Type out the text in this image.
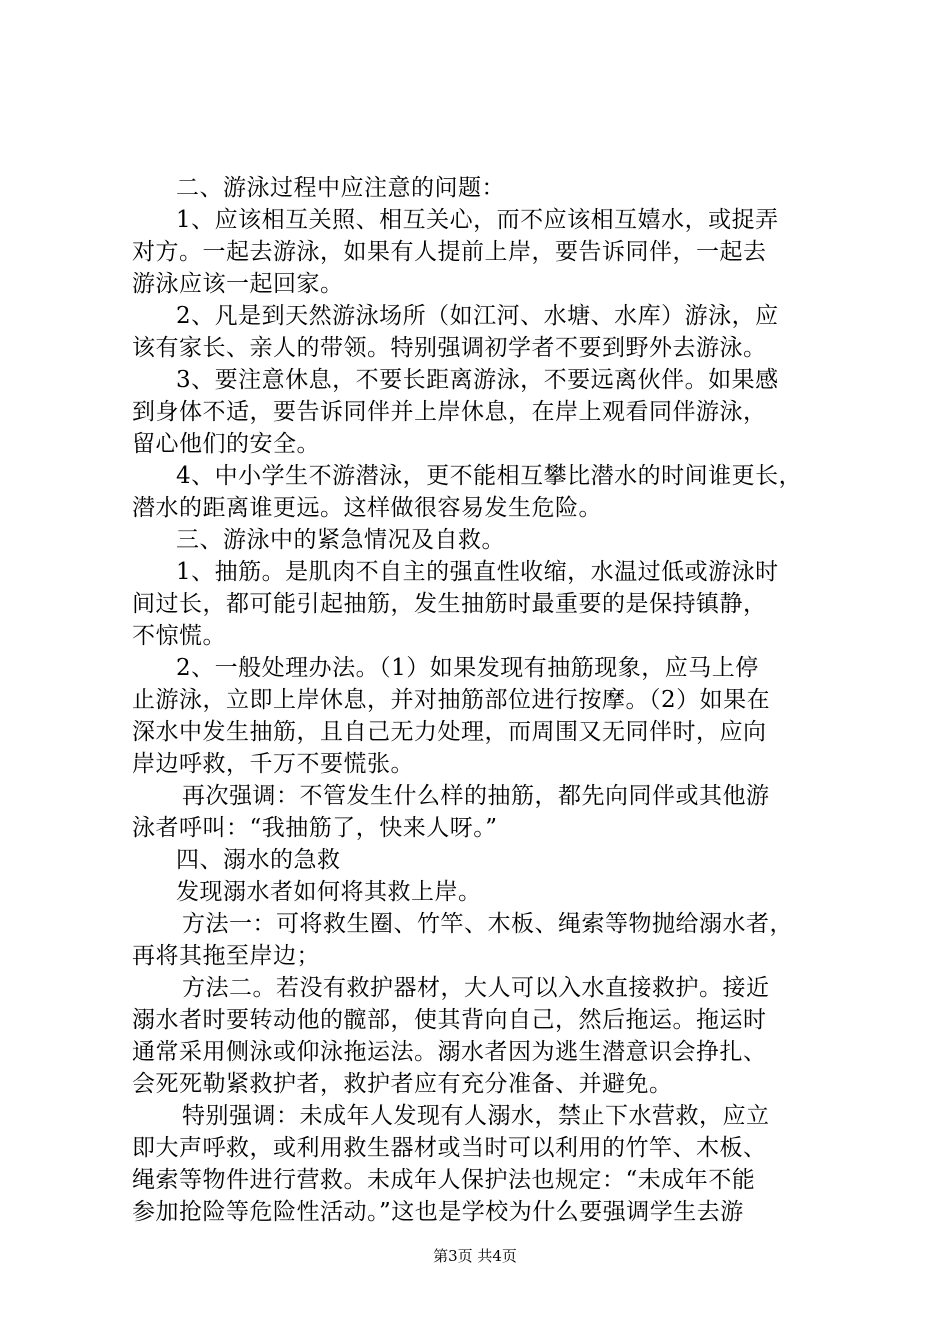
二、游泳过程中应注意的问题：
1、应该相互关照、相互关心，而不应该相互嬉水，或捉弄
对方。一起去游泳，如果有人提前上岸，要告诉同伴，一起去
游泳应该一起回家。
2、凡是到天然游泳场所（如江河、水塘、水库）游泳，应
该有家长、亲人的带领。特别强调初学者不要到野外去游泳。
3、要注意休息，不要长距离游泳，不要远离伙伴。如果感
到身体不适，要告诉同伴并上岸休息，在岸上观看同伴游泳，
留心他们的安全。
4、中小学生不游潜泳，更不能相互攀比潜水的时间谁更长，
潜水的距离谁更远。这样做很容易发生危险。
三、游泳中的紧急情况及自救。
1、抽筋。是肌肉不自主的强直性收缩，水温过低或游泳时
间过长，都可能引起抽筋，发生抽筋时最重要的是保持镇静，
不惊慌。
2、一般处理办法。（1）如果发现有抽筋现象，应马上停
止游泳，立即上岸休息，并对抽筋部位进行按摩。（2）如果在
深水中发生抽筋，且自己无力处理，而周围又无同伴时，应向
岸边呼救，千万不要慌张。
再次强调：不管发生什么样的抽筋，都先向同伴或其他游
泳者呼叫：“我抽筋了，快来人呀。”
四、溺水的急救
发现溺水者如何将其救上岸。
方法一：可将救生圈、竹竿、木板、绳索等物抛给溺水者，
再将其拖至岸边；
方法二。若没有救护器材，大人可以入水直接救护。接近
溺水者时要转动他的髋部，使其背向自己，然后拖运。拖运时
通常采用侧泳或仰泳拖运法。溺水者因为逃生潜意识会挣扎、
会死死勒紧救护者，救护者应有充分准备、并避免。
特别强调：未成年人发现有人溺水，禁止下水营救，应立
即大声呼救，或利用救生器材或当时可以利用的竹竿、木板、
绳索等物件进行营救。未成年人保护法也规定：“未成年不能
参加抢险等危险性活动。”这也是学校为什么要强调学生去游
第3页 共4页
